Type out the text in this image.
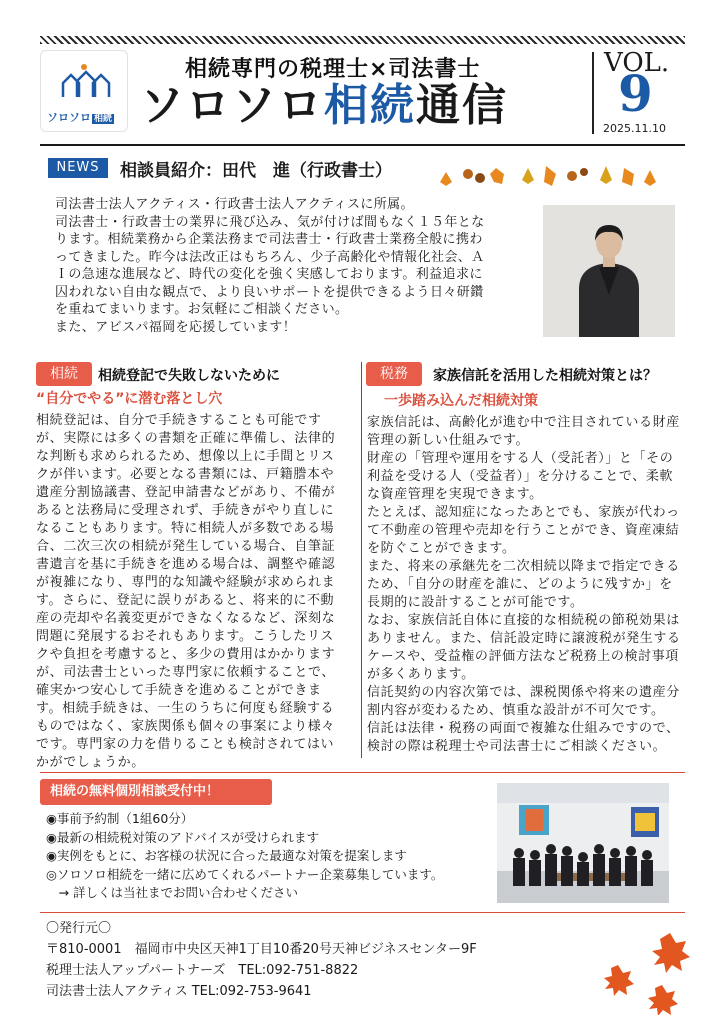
ソロソロ 相続
相続専門の税理士×司法書士
ソロソロ相続通信
VOL.
9
2025.11.10
NEWS	相談員紹介：田代　進（行政書士）

司法書士法人アクティス・行政書士法人アクティスに所属。

司法書士・行政書士の業界に飛び込み、気が付けば間もなく１５年とな

ります。相続業務から企業法務まで司法書士・行政書士業務全般に携わ

ってきました。昨今は法改正はもちろん、少子高齢化や情報化社会、Ａ

Ｉの急速な進展など、時代の変化を強く実感しております。利益追求に

囚われない自由な観点で、より良いサポートを提供できるよう日々研鑽

を重ねてまいります。お気軽にご相談ください。

また、アビスパ福岡を応援しています！

相続	相続登記で失敗しないために
“自分でやる”に潜む落とし穴

相続登記は、自分で手続きすることも可能です

が、実際には多くの書類を正確に準備し、法律的

な判断も求められるため、想像以上に手間とリス

クが伴います。必要となる書類には、戸籍謄本や

遺産分割協議書、登記申請書などがあり、不備が

あると法務局に受理されず、手続きがやり直しに

なることもあります。特に相続人が多数である場

合、二次三次の相続が発生している場合、自筆証

書遺言を基に手続きを進める場合は、調整や確認

が複雑になり、専門的な知識や経験が求められま

す。さらに、登記に誤りがあると、将来的に不動

産の売却や名義変更ができなくなるなど、深刻な

問題に発展するおそれもあります。こうしたリス

クや負担を考慮すると、多少の費用はかかります

が、司法書士といった専門家に依頼することで、

確実かつ安心して手続きを進めることができま

す。相続手続きは、一生のうちに何度も経験する

ものではなく、家族関係も個々の事案により様々

です。専門家の力を借りることも検討されてはい

かがでしょうか。

税務	家族信託を活用した相続対策とは？
一歩踏み込んだ相続対策

家族信託は、高齢化が進む中で注目されている財産

管理の新しい仕組みです。

財産の「管理や運用をする人（受託者）」と「その

利益を受ける人（受益者）」を分けることで、柔軟

な資産管理を実現できます。

たとえば、認知症になったあとでも、家族が代わっ

て不動産の管理や売却を行うことができ、資産凍結

を防ぐことができます。

また、将来の承継先を二次相続以降まで指定できる

ため、「自分の財産を誰に、どのように残すか」を

長期的に設計することが可能です。

なお、家族信託自体に直接的な相続税の節税効果は

ありません。また、信託設定時に譲渡税が発生する

ケースや、受益権の評価方法など税務上の検討事項

が多くあります。

信託契約の内容次第では、課税関係や将来の遺産分

割内容が変わるため、慎重な設計が不可欠です。

信託は法律・税務の両面で複雑な仕組みですので、

検討の際は税理士や司法書士にご相談ください。

相続の無料個別相談受付中！

◉事前予約制（1組60分）

◉最新の相続税対策のアドバイスが受けられます

◉実例をもとに、お客様の状況に合った最適な対策を提案します

◎ソロソロ相続を一緒に広めてくれるパートナー企業募集しています。

　→ 詳しくは当社までお問い合わせください

〇発行元〇

〒810-0001　福岡市中央区天神1丁目10番20号天神ビジネスセンター9F

税理士法人アップパートナーズ　TEL:092-751-8822

司法書士法人アクティス TEL:092-753-9641
